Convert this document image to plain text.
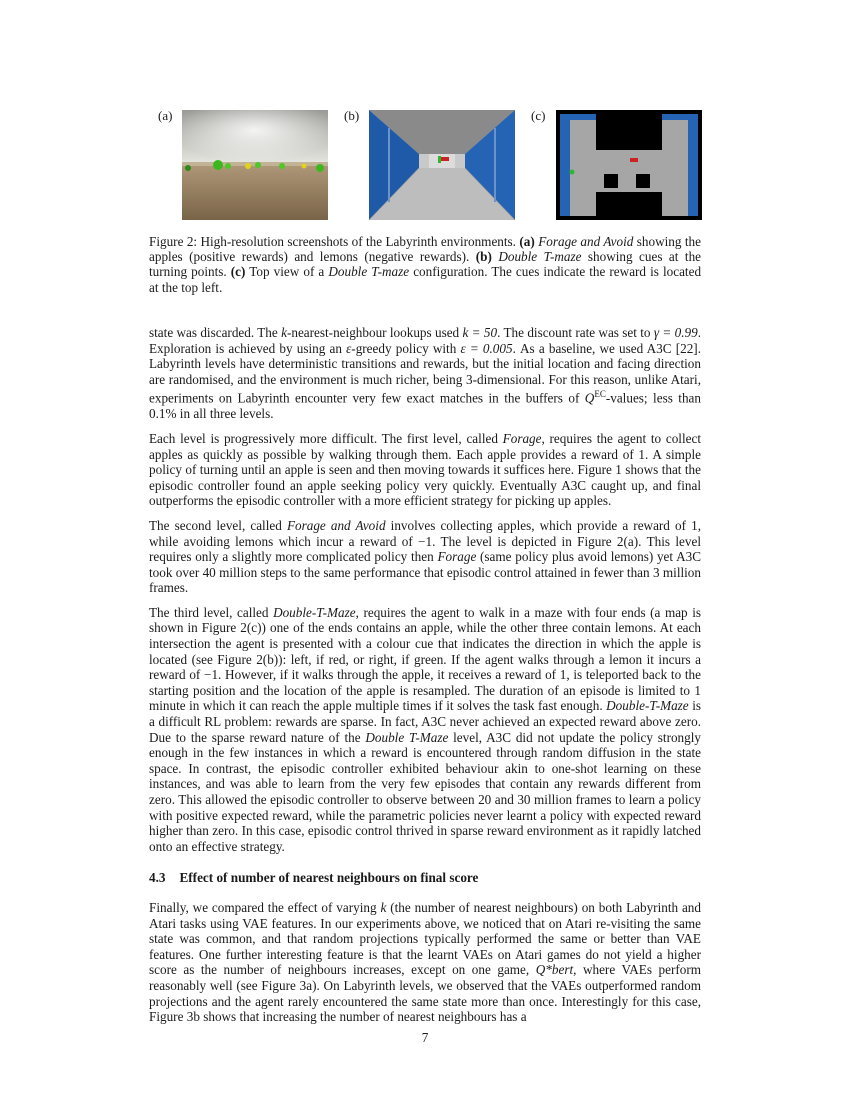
(a)	(b)	(c)
Figure 2: High-resolution screenshots of the Labyrinth environments. (a) Forage and Avoid showing the apples (positive rewards) and lemons (negative rewards). (b) Double T-maze showing cues at the turning points. (c) Top view of a Double T-maze configuration. The cues indicate the reward is located at the top left.

state was discarded. The k-nearest-neighbour lookups used k = 50. The discount rate was set to γ = 0.99. Exploration is achieved by using an ε-greedy policy with ε = 0.005. As a baseline, we used A3C [22]. Labyrinth levels have deterministic transitions and rewards, but the initial location and facing direction are randomised, and the environment is much richer, being 3-dimensional. For this reason, unlike Atari, experiments on Labyrinth encounter very few exact matches in the buffers of $Q^{EC}$-values; less than 0.1% in all three levels.

Each level is progressively more difficult. The first level, called Forage, requires the agent to collect apples as quickly as possible by walking through them. Each apple provides a reward of 1. A simple policy of turning until an apple is seen and then moving towards it suffices here. Figure 1 shows that the episodic controller found an apple seeking policy very quickly. Eventually A3C caught up, and final outperforms the episodic controller with a more efficient strategy for picking up apples.

The second level, called Forage and Avoid involves collecting apples, which provide a reward of 1, while avoiding lemons which incur a reward of −1. The level is depicted in Figure 2(a). This level requires only a slightly more complicated policy then Forage (same policy plus avoid lemons) yet A3C took over 40 million steps to the same performance that episodic control attained in fewer than 3 million frames.

The third level, called Double-T-Maze, requires the agent to walk in a maze with four ends (a map is shown in Figure 2(c)) one of the ends contains an apple, while the other three contain lemons. At each intersection the agent is presented with a colour cue that indicates the direction in which the apple is located (see Figure 2(b)): left, if red, or right, if green. If the agent walks through a lemon it incurs a reward of −1. However, if it walks through the apple, it receives a reward of 1, is teleported back to the starting position and the location of the apple is resampled. The duration of an episode is limited to 1 minute in which it can reach the apple multiple times if it solves the task fast enough. Double-T-Maze is a difficult RL problem: rewards are sparse. In fact, A3C never achieved an expected reward above zero. Due to the sparse reward nature of the Double T-Maze level, A3C did not update the policy strongly enough in the few instances in which a reward is encountered through random diffusion in the state space. In contrast, the episodic controller exhibited behaviour akin to one-shot learning on these instances, and was able to learn from the very few episodes that contain any rewards different from zero. This allowed the episodic controller to observe between 20 and 30 million frames to learn a policy with positive expected reward, while the parametric policies never learnt a policy with expected reward higher than zero. In this case, episodic control thrived in sparse reward environment as it rapidly latched onto an effective strategy.

4.3 Effect of number of nearest neighbours on final score

Finally, we compared the effect of varying k (the number of nearest neighbours) on both Labyrinth and Atari tasks using VAE features. In our experiments above, we noticed that on Atari re-visiting the same state was common, and that random projections typically performed the same or better than VAE features. One further interesting feature is that the learnt VAEs on Atari games do not yield a higher score as the number of neighbours increases, except on one game, Q*bert, where VAEs perform reasonably well (see Figure 3a). On Labyrinth levels, we observed that the VAEs outperformed random projections and the agent rarely encountered the same state more than once. Interestingly for this case, Figure 3b shows that increasing the number of nearest neighbours has a

7
